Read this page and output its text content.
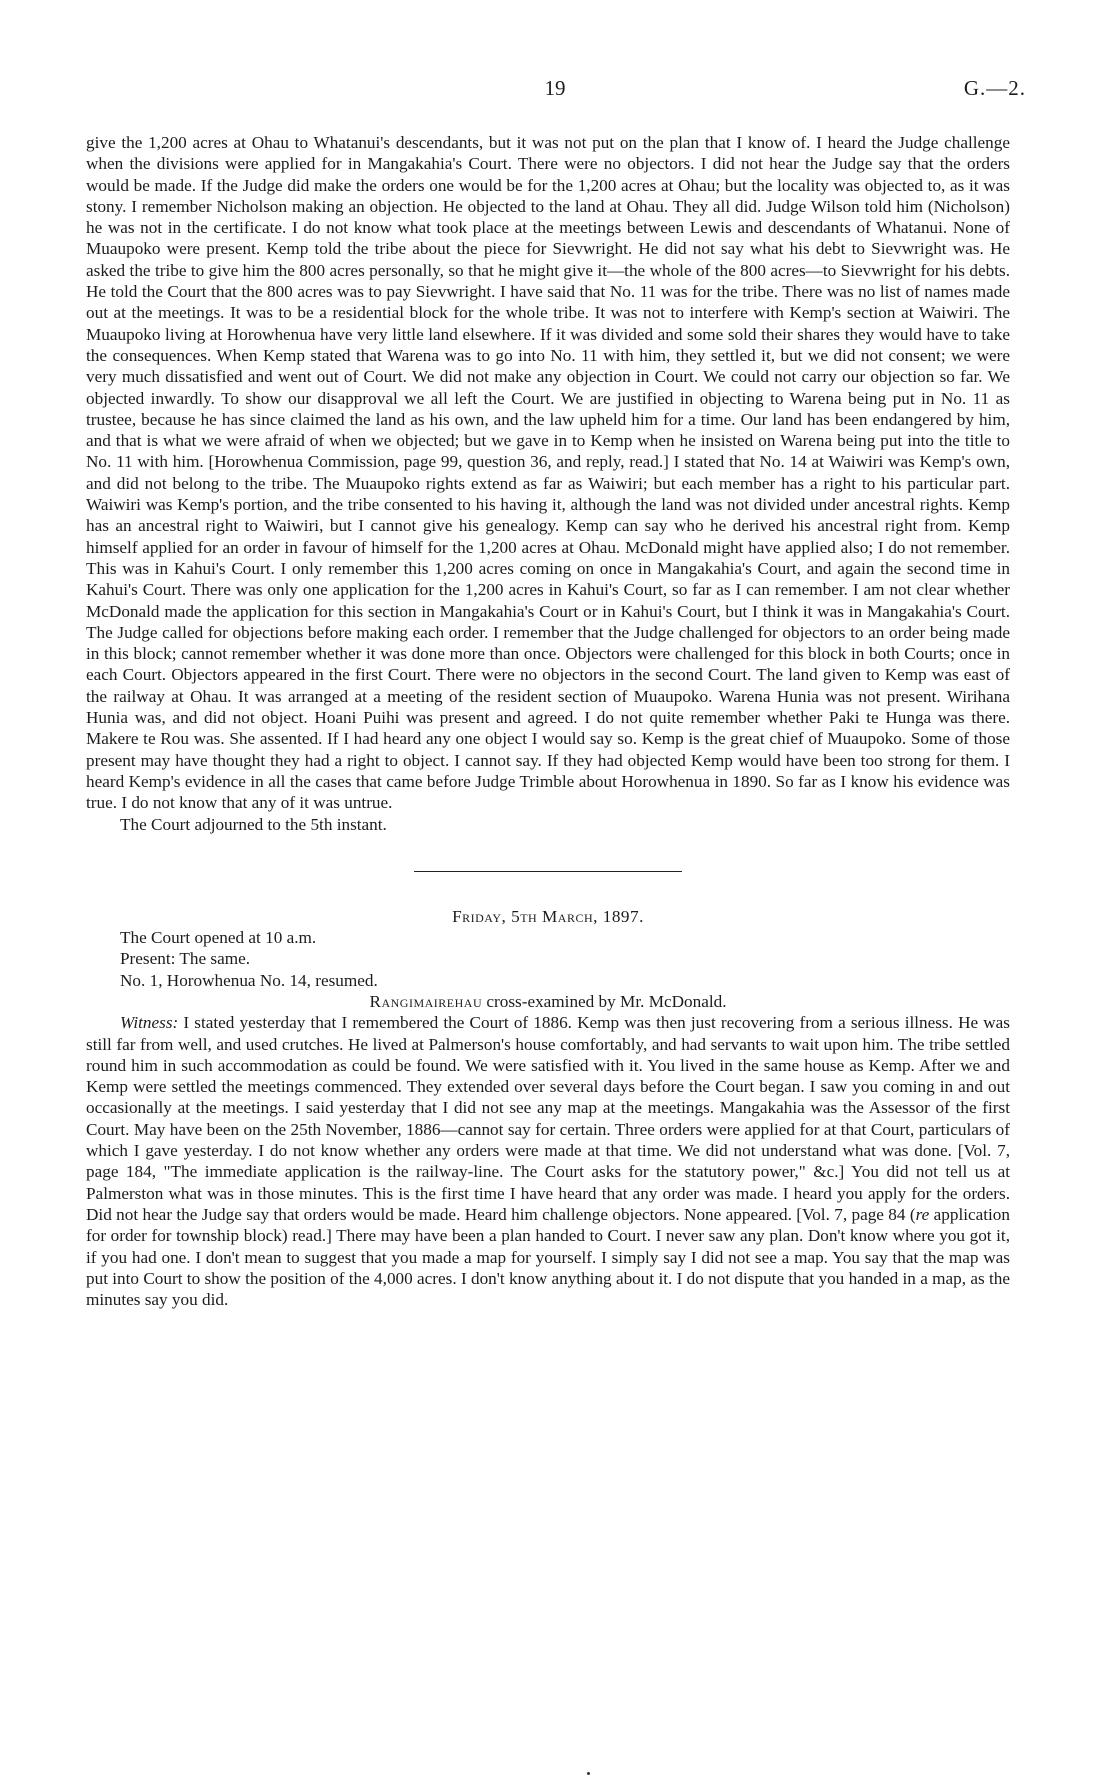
19	G.—2.

give the 1,200 acres at Ohau to Whatanui's descendants, but it was not put on the plan that I know of. I heard the Judge challenge when the divisions were applied for in Mangakahia's Court. There were no objectors. I did not hear the Judge say that the orders would be made. If the Judge did make the orders one would be for the 1,200 acres at Ohau; but the locality was objected to, as it was stony. I remember Nicholson making an objection. He objected to the land at Ohau. They all did. Judge Wilson told him (Nicholson) he was not in the certificate. I do not know what took place at the meetings between Lewis and descendants of Whatanui. None of Muaupoko were present. Kemp told the tribe about the piece for Sievwright. He did not say what his debt to Sievwright was. He asked the tribe to give him the 800 acres personally, so that he might give it—the whole of the 800 acres—to Sievwright for his debts. He told the Court that the 800 acres was to pay Sievwright. I have said that No. 11 was for the tribe. There was no list of names made out at the meetings. It was to be a residential block for the whole tribe. It was not to interfere with Kemp's section at Waiwiri. The Muaupoko living at Horowhenua have very little land elsewhere. If it was divided and some sold their shares they would have to take the consequences. When Kemp stated that Warena was to go into No. 11 with him, they settled it, but we did not consent; we were very much dissatisfied and went out of Court. We did not make any objection in Court. We could not carry our objection so far. We objected inwardly. To show our disapproval we all left the Court. We are justified in objecting to Warena being put in No. 11 as trustee, because he has since claimed the land as his own, and the law upheld him for a time. Our land has been endangered by him, and that is what we were afraid of when we objected; but we gave in to Kemp when he insisted on Warena being put into the title to No. 11 with him. [Horowhenua Commission, page 99, question 36, and reply, read.] I stated that No. 14 at Waiwiri was Kemp's own, and did not belong to the tribe. The Muaupoko rights extend as far as Waiwiri; but each member has a right to his particular part. Waiwiri was Kemp's portion, and the tribe consented to his having it, although the land was not divided under ancestral rights. Kemp has an ancestral right to Waiwiri, but I cannot give his genealogy. Kemp can say who he derived his ancestral right from. Kemp himself applied for an order in favour of himself for the 1,200 acres at Ohau. McDonald might have applied also; I do not remember. This was in Kahui's Court. I only remember this 1,200 acres coming on once in Mangakahia's Court, and again the second time in Kahui's Court. There was only one application for the 1,200 acres in Kahui's Court, so far as I can remember. I am not clear whether McDonald made the application for this section in Mangakahia's Court or in Kahui's Court, but I think it was in Mangakahia's Court. The Judge called for objections before making each order. I remember that the Judge challenged for objectors to an order being made in this block; cannot remember whether it was done more than once. Objectors were challenged for this block in both Courts; once in each Court. Objectors appeared in the first Court. There were no objectors in the second Court. The land given to Kemp was east of the railway at Ohau. It was arranged at a meeting of the resident section of Muaupoko. Warena Hunia was not present. Wirihana Hunia was, and did not object. Hoani Puihi was present and agreed. I do not quite remember whether Paki te Hunga was there. Makere te Rou was. She assented. If I had heard any one object I would say so. Kemp is the great chief of Muaupoko. Some of those present may have thought they had a right to object. I cannot say. If they had objected Kemp would have been too strong for them. I heard Kemp's evidence in all the cases that came before Judge Trimble about Horowhenua in 1890. So far as I know his evidence was true. I do not know that any of it was untrue.

The Court adjourned to the 5th instant.

Friday, 5th March, 1897.

The Court opened at 10 a.m.

Present: The same.

No. 1, Horowhenua No. 14, resumed.

Rangimairehau cross-examined by Mr. McDonald.

Witness: I stated yesterday that I remembered the Court of 1886. Kemp was then just recovering from a serious illness. He was still far from well, and used crutches. He lived at Palmerson's house comfortably, and had servants to wait upon him. The tribe settled round him in such accommodation as could be found. We were satisfied with it. You lived in the same house as Kemp. After we and Kemp were settled the meetings commenced. They extended over several days before the Court began. I saw you coming in and out occasionally at the meetings. I said yesterday that I did not see any map at the meetings. Mangakahia was the Assessor of the first Court. May have been on the 25th November, 1886—cannot say for certain. Three orders were applied for at that Court, particulars of which I gave yesterday. I do not know whether any orders were made at that time. We did not understand what was done. [Vol. 7, page 184, "The immediate application is the railway-line. The Court asks for the statutory power," &c.] You did not tell us at Palmerston what was in those minutes. This is the first time I have heard that any order was made. I heard you apply for the orders. Did not hear the Judge say that orders would be made. Heard him challenge objectors. None appeared. [Vol. 7, page 84 (re application for order for township block) read.] There may have been a plan handed to Court. I never saw any plan. Don't know where you got it, if you had one. I don't mean to suggest that you made a map for yourself. I simply say I did not see a map. You say that the map was put into Court to show the position of the 4,000 acres. I don't know anything about it. I do not dispute that you handed in a map, as the minutes say you did.
